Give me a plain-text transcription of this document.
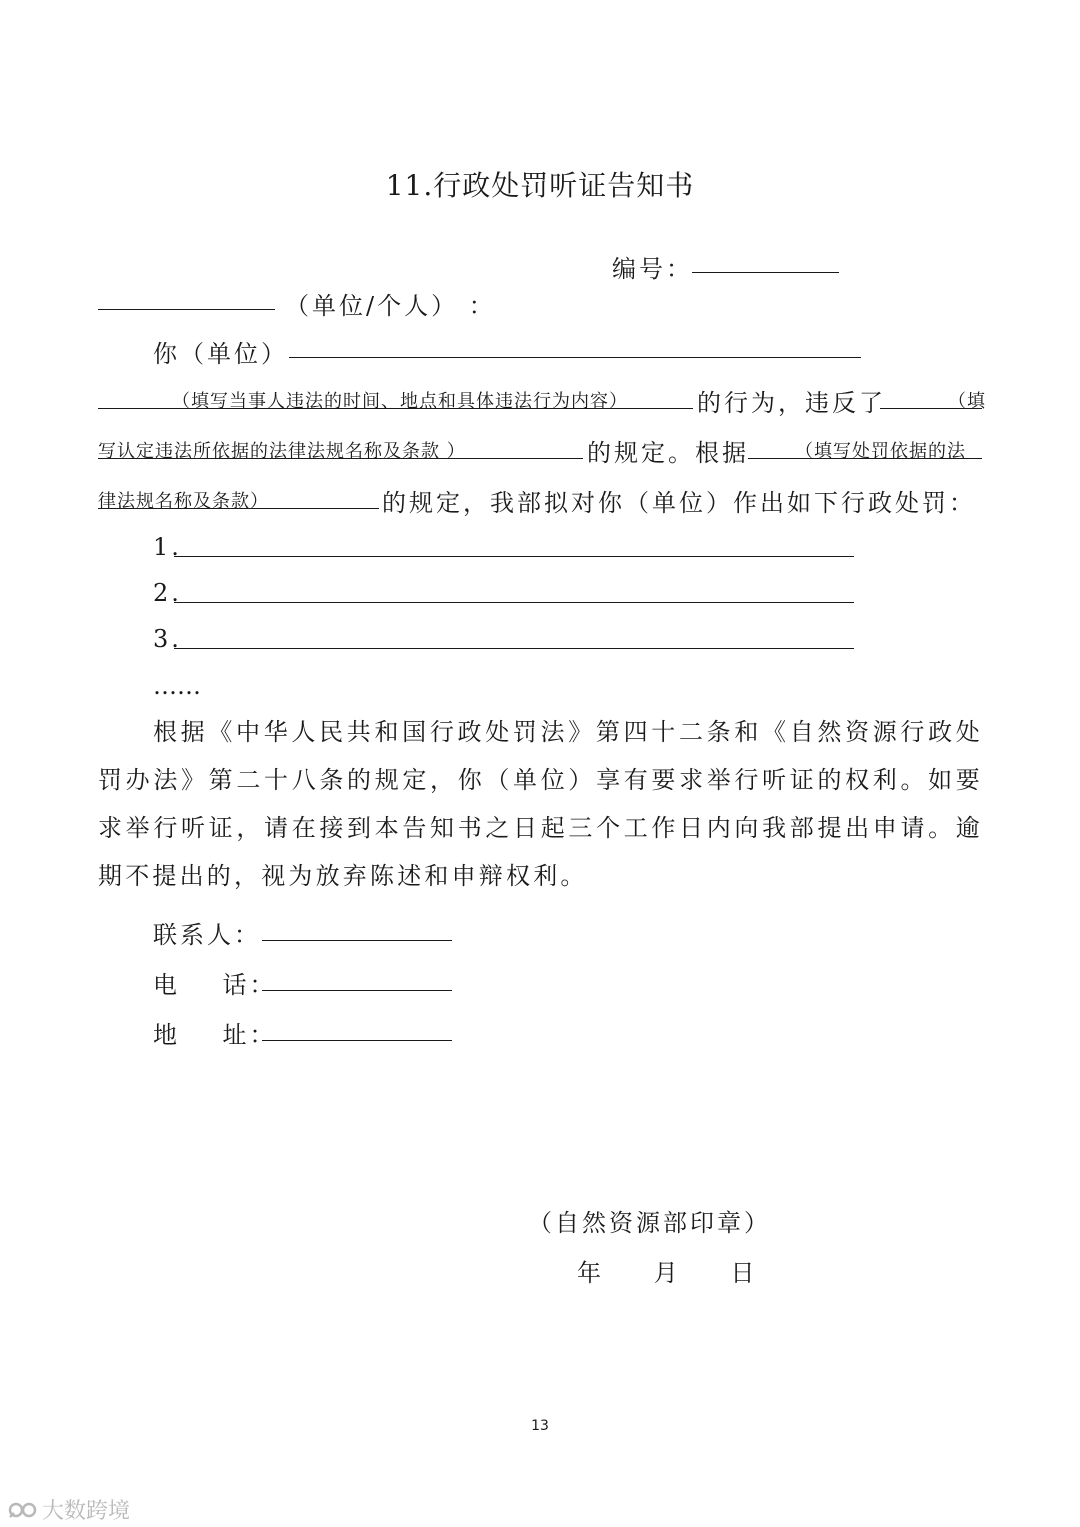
11.行政处罚听证告知书
编号：
（单位/个人） ：
你（单位）
（填写当事人违法的时间、地点和具体违法行为内容）	的行为，违反了	（填
写认定违法所依据的法律法规名称及条款 ）	的规定。根据	（填写处罚依据的法
律法规名称及条款）	的规定，我部拟对你（单位）作出如下行政处罚：
1.
2.
3.
……
根据《中华人民共和国行政处罚法》第四十二条和《自然资源行政处罚办法》第二十八条的规定，你（单位）享有要求举行听证的权利。如要求举行听证，请在接到本告知书之日起三个工作日内向我部提出申请。逾期不提出的，视为放弃陈述和申辩权利。
联系人：
电    话：
地    址：
（自然资源部印章）
年      月      日
13
大数跨境
